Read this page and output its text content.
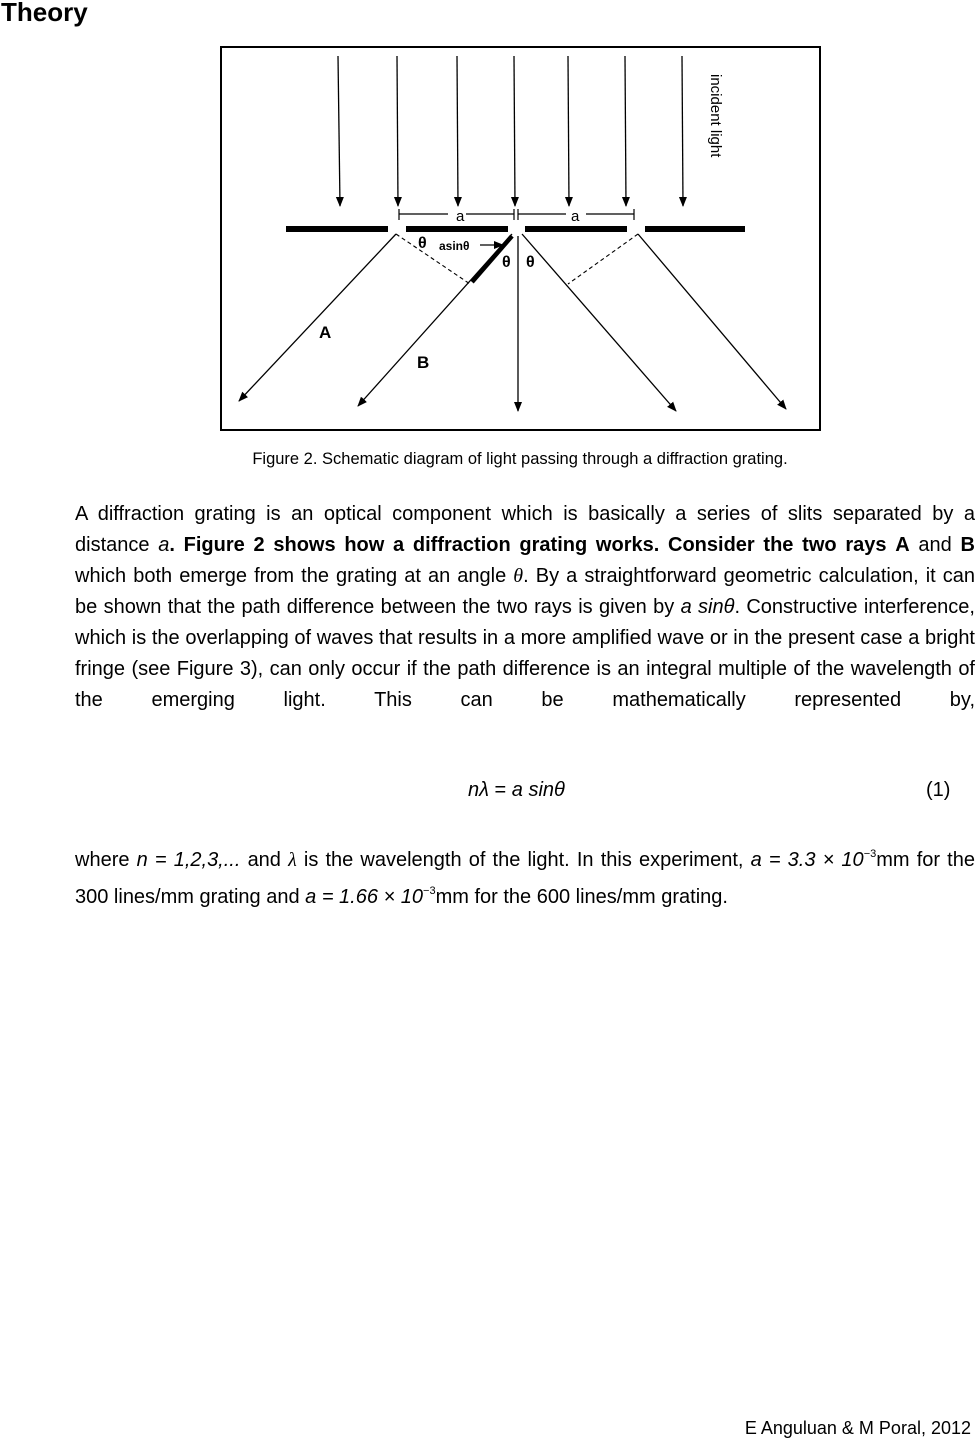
Theory
a	a
incident light
asinθ
θ
θ θ
A
B

Figure 2. Schematic diagram of light passing through a diffraction grating.

A diffraction grating is an optical component which is basically a series of slits separated by a distance a. Figure 2 shows how a diffraction grating works. Consider the two rays A and B which both emerge from the grating at an angle θ. By a straightforward geometric calculation, it can be shown that the path difference between the two rays is given by a sinθ. Constructive interference, which is the overlapping of waves that results in a more amplified wave or in the present case a bright fringe (see Figure 3), can only occur if the path difference is an integral multiple of the wavelength of the emerging light. This can be mathematically represented by,

nλ = a sinθ	(1)

where n = 1,2,3,... and λ is the wavelength of the light. In this experiment, $a = 3.3 \times 10^{-3}mm$ for the 300 lines/mm grating and $a = 1.66 \times 10^{-3}mm$ for the 600 lines/mm grating.

E Anguluan & M Poral, 2012
